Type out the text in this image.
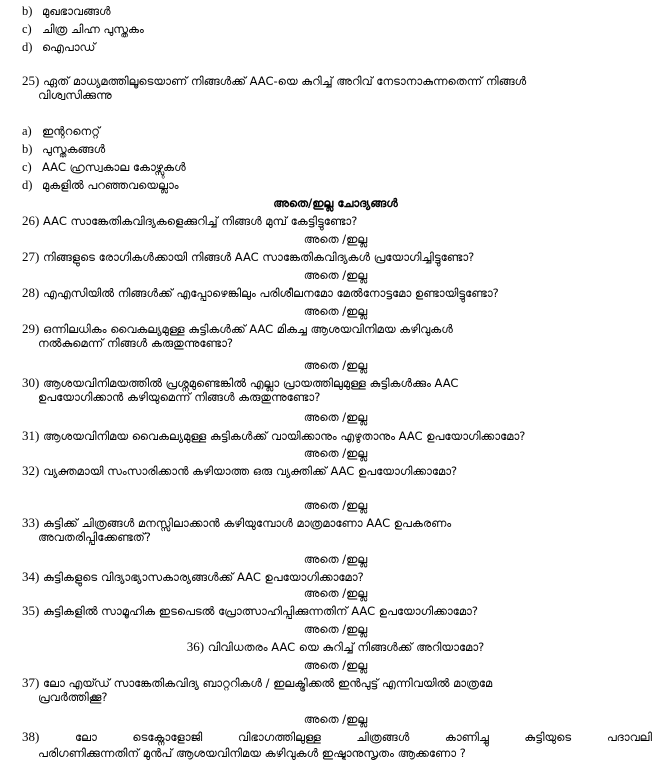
b) മുഖഭാവങ്ങൾ
c) ചിത്ര ചിഹ്ന പുസ്തകം
d) ഐപാഡ്
25) ഏത് മാധ്യമത്തിലൂടെയാണ് നിങ്ങൾക്ക് AAC-യെ കുറിച്ച് അറിവ് നേടാനാകുന്നതെന്ന് നിങ്ങൾ
വിശ്വസിക്കുന്നു
a) ഇന്ററനെറ്റ്
b) പുസ്തകങ്ങൾ
c) AAC ഹ്രസ്വകാല കോഴ്സുകൾ
d) മുകളിൽ പറഞ്ഞവയെല്ലാം
അതെ/ഇല്ല ചോദ്യങ്ങൾ
26) AAC സാങ്കേതികവിദ്യകളെക്കുറിച്ച് നിങ്ങൾ മുമ്പ് കേട്ടിട്ടുണ്ടോ?
അതെ /ഇല്ല
27) നിങ്ങളുടെ രോഗികൾക്കായി നിങ്ങൾ AAC സാങ്കേതികവിദ്യകൾ പ്രയോഗിച്ചിട്ടുണ്ടോ?
അതെ /ഇല്ല
28) എഎസിയിൽ നിങ്ങൾക്ക് എപ്പോഴെങ്കിലും പരിശീലനമോ മേൽനോട്ടമോ ഉണ്ടായിട്ടുണ്ടോ?
അതെ /ഇല്ല
29) ഒന്നിലധികം വൈകല്യമുള്ള കുട്ടികൾക്ക് AAC മികച്ച ആശയവിനിമയ കഴിവുകൾ
നൽകുമെന്ന് നിങ്ങൾ കരുതുന്നുണ്ടോ?
അതെ /ഇല്ല
30) ആശയവിനിമയത്തിൽ പ്രശ്നമുണ്ടെങ്കിൽ എല്ലാ പ്രായത്തിലുമുള്ള കുട്ടികൾക്കും AAC
ഉപയോഗിക്കാൻ കഴിയുമെന്ന് നിങ്ങൾ കരുതുന്നുണ്ടോ?
അതെ /ഇല്ല
31) ആശയവിനിമയ വൈകല്യമുള്ള കുട്ടികൾക്ക് വായിക്കാനും എഴുതാനും AAC ഉപയോഗിക്കാമോ?
അതെ /ഇല്ല
32) വ്യക്തമായി സംസാരിക്കാൻ കഴിയാത്ത ഒരു വ്യക്തിക്ക് AAC ഉപയോഗിക്കാമോ?
അതെ /ഇല്ല
33) കുട്ടിക്ക് ചിത്രങ്ങൾ മനസ്സിലാക്കാൻ കഴിയുമ്പോൾ മാത്രമാണോ AAC ഉപകരണം
അവതരിപ്പിക്കേണ്ടത്?
അതെ /ഇല്ല
34) കുട്ടികളുടെ വിദ്യാഭ്യാസകാര്യങ്ങൾക്ക് AAC ഉപയോഗിക്കാമോ?
അതെ /ഇല്ല
35) കുട്ടികളിൽ സാമൂഹിക ഇടപെടൽ പ്രോത്സാഹിപ്പിക്കുന്നതിന് AAC ഉപയോഗിക്കാമോ?
അതെ /ഇല്ല
36) വിവിധതരം AAC യെ കുറിച്ച് നിങ്ങൾക്ക് അറിയാമോ?
അതെ /ഇല്ല
37) ലോ എയ്ഡ് സാങ്കേതികവിദ്യ ബാറ്ററികൾ / ഇലക്ട്രിക്കൽ ഇൻപുട്ട് എന്നിവയിൽ മാത്രമേ
പ്രവർത്തിക്കൂ?
അതെ /ഇല്ല
38)	ലോ ടെക്നോളോജി വിഭാഗത്തിലുള്ള ചിത്രങ്ങൾ കാണിച്ചു കുട്ടിയുടെ പദാവലി
പരിഗണിക്കുന്നതിന് മുൻപ് ആശയവിനിമയ കഴിവുകൾ ഇഷ്ടാനുസൃതം ആക്കണോ ?
